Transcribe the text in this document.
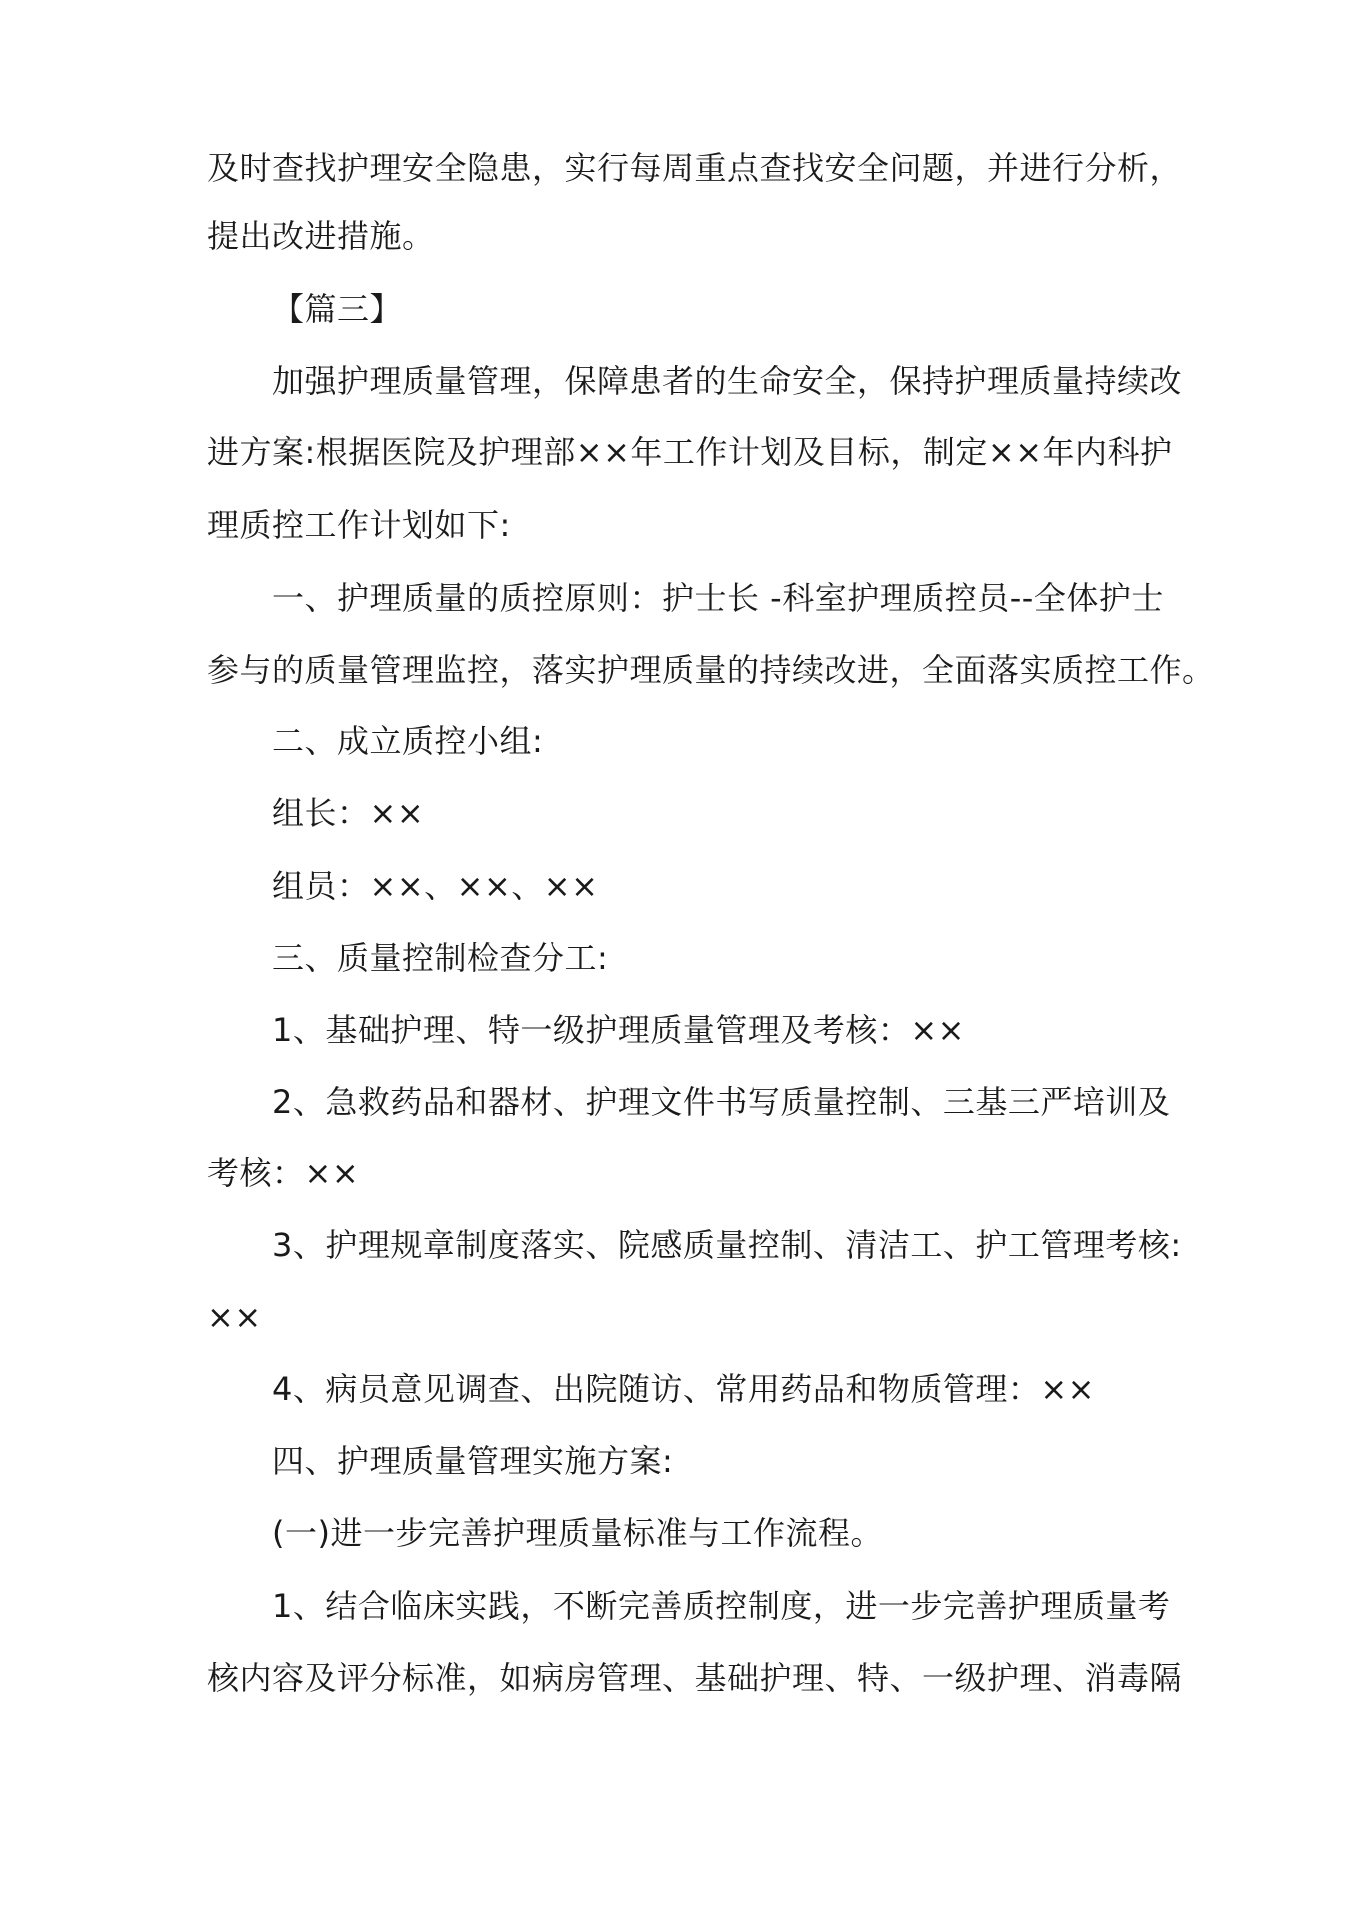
及时查找护理安全隐患，实行每周重点查找安全问题，并进行分析，
提出改进措施。
【篇三】
加强护理质量管理，保障患者的生命安全，保持护理质量持续改
进方案:根据医院及护理部××年工作计划及目标，制定××年内科护
理质控工作计划如下:
一、护理质量的质控原则：护士长 -科室护理质控员--全体护士
参与的质量管理监控，落实护理质量的持续改进，全面落实质控工作。
二、成立质控小组:
组长：××
组员：××、××、××
三、质量控制检查分工:
1、基础护理、特一级护理质量管理及考核：××
2、急救药品和器材、护理文件书写质量控制、三基三严培训及
考核：××
3、护理规章制度落实、院感质量控制、清洁工、护工管理考核:
××
4、病员意见调查、出院随访、常用药品和物质管理：××
四、护理质量管理实施方案:
(一)进一步完善护理质量标准与工作流程。
1、结合临床实践，不断完善质控制度，进一步完善护理质量考
核内容及评分标准，如病房管理、基础护理、特、一级护理、消毒隔
